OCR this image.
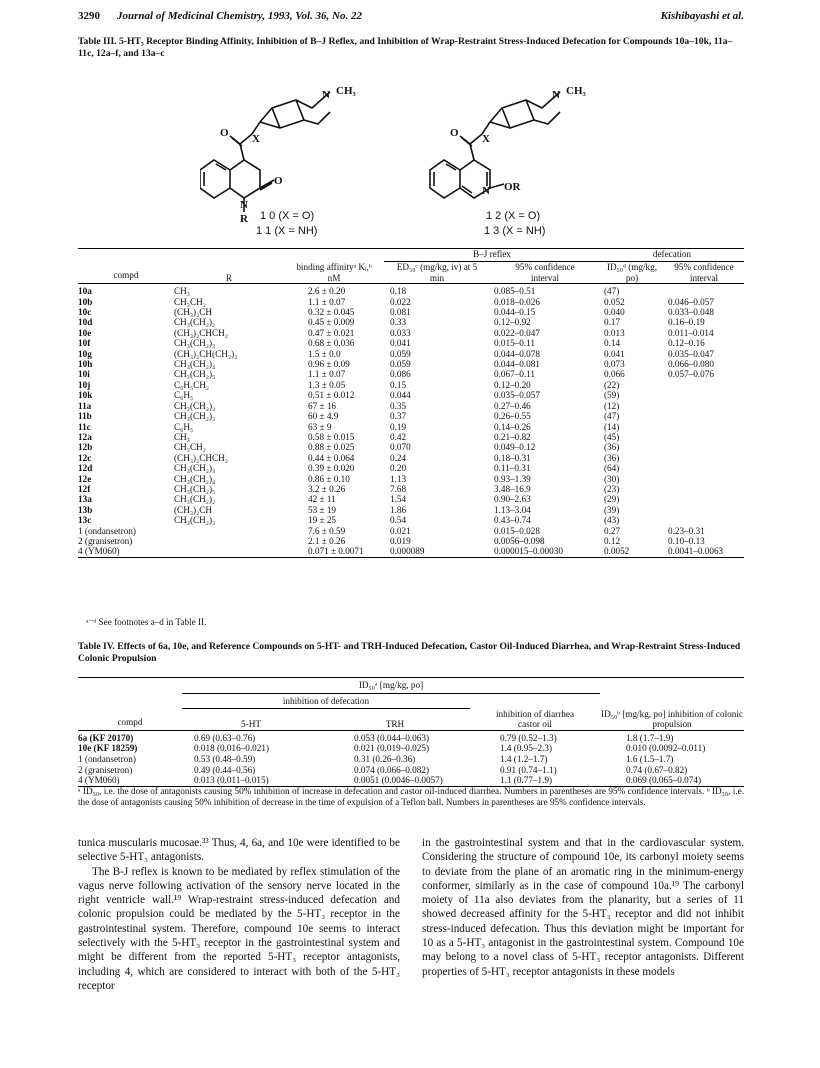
3290 Journal of Medicinal Chemistry, 1993, Vol. 36, No. 22	Kishibayashi et al.
Table III. 5-HT₃ Receptor Binding Affinity, Inhibition of B–J Reflex, and Inhibition of Wrap-Restraint Stress-Induced Defecation for Compounds 10a–10k, 11a–11c, 12a–f, and 13a–c
CH₃
N
X
O
N
O
R
CH₃
N
X
O
N OR
1 0 (X = O)
1 1 (X = NH)
1 2 (X = O)
1 3 (X = NH)
			B–J reflex		defecation	
compd	R	binding affinityᵃ Kᵢ,ᵇ nM	ED₅₀ᶜ (mg/kg, iv) at 5 min	95% confidence interval	ID₅₀ᵈ (mg/kg, po)	95% confidence interval
10a	CH₃	2.6 ± 0.20	0.18	0.085–0.51	(47)	
10b	CH₃CH₂	1.1 ± 0.07	0.022	0.018–0.026	0.052	0.046–0.057
10c	(CH₃)₂CH	0.32 ± 0.045	0.081	0.044–0.15	0.040	0.033–0.048
10d	CH₃(CH₂)₂	0.45 ± 0.009	0.33	0.12–0.92	0.17	0.16–0.19
10e	(CH₃)₂CHCH₂	0.47 ± 0.021	0.033	0.022–0.047	0.013	0.011–0.014
10f	CH₃(CH₂)₃	0.68 ± 0.036	0.041	0.015–0.11	0.14	0.12–0.16
10g	(CH₃)₂CH(CH₂)₂	1.5 ± 0.0	0.059	0.044–0.078	0.041	0.035–0.047
10h	CH₃(CH₂)₄	0.96 ± 0.09	0.059	0.044–0.081	0.073	0.066–0.080
10i	CH₃(CH₂)₅	1.1 ± 0.07	0.086	0.067–0.11	0.066	0.057–0.076
10j	C₆H₅CH₂	1.3 ± 0.05	0.15	0.12–0.20	(22)	
10k	C₆H₅	0.51 ± 0.012	0.044	0.035–0.057	(59)	
11a	CH₃(CH₂)₂	67 ± 16	0.35	0.27–0.46	(12)	
11b	CH₃(CH₂)₃	60 ± 4.9	0.37	0.26–0.55	(47)	
11c	C₆H₅	63 ± 9	0.19	0.14–0.26	(14)	
12a	CH₃	0.58 ± 0.015	0.42	0.21–0.82	(45)	
12b	CH₃CH₂	0.88 ± 0.025	0.070	0.049–0.12	(36)	
12c	(CH₃)₂CHCH₂	0.44 ± 0.064	0.24	0.18–0.31	(36)	
12d	CH₃(CH₂)₃	0.39 ± 0.020	0.20	0.11–0.31	(64)	
12e	CH₃(CH₂)₄	0.86 ± 0.10	1.13	0.93–1.39	(30)	
12f	CH₃(CH₂)₅	3.2 ± 0.26	7.68	3.48–16.9	(23)	
13a	CH₃(CH₂)₂	42 ± 11	1.54	0.90–2.63	(29)	
13b	(CH₃)₂CH	53 ± 19	1.86	1.13–3.04	(39)	
13c	CH₃(CH₂)₃	19 ± 25	0.54	0.43–0.74	(43)	
1 (ondansetron)		7.6 ± 0.59	0.021	0.015–0.028	0.27	0.23–0.31
2 (granisetron)		2.1 ± 0.26	0.019	0.0056–0.098	0.12	0.10–0.13
4 (YM060)		0.071 ± 0.0071	0.000089	0.000015–0.00030	0.0052	0.0041–0.0063
ᵃ⁻ᵈ See footnotes a–d in Table II.
Table IV. Effects of 6a, 10e, and Reference Compounds on 5-HT- and TRH-Induced Defecation, Castor Oil-Induced Diarrhea, and Wrap-Restraint Stress-Induced Colonic Propulsion
	ID₅₀ᵃ [mg/kg, po]			
	inhibition of defecation			
compd	5-HT	TRH	inhibition of diarrhea castor oil	ID₅₀ᵇ [mg/kg, po] inhibition of colonic propulsion
6a (KF 20170)	0.69 (0.63–0.76)	0.053 (0.044–0.063)	0.79 (0.52–1.3)	1.8 (1.7–1.9)
10e (KF 18259)	0.018 (0.016–0.021)	0.021 (0.019–0.025)	1.4 (0.95–2.3)	0.010 (0.0092–0.011)
1 (ondansetron)	0.53 (0.48–0.59)	0.31 (0.26–0.36)	1.4 (1.2–1.7)	1.6 (1.5–1.7)
2 (granisetron)	0.49 (0.44–0.56)	0.074 (0.066–0.082)	0.91 (0.74–1.1)	0.74 (0.67–0.82)
4 (YM060)	0.013 (0.011–0.015)	0.0051 (0.0046–0.0057)	1.1 (0.77–1.9)	0.069 (0.065–0.074)
ᵃ ID₅₀, i.e. the dose of antagonists causing 50% inhibition of increase in defecation and castor oil-induced diarrhea. Numbers in parentheses are 95% confidence intervals. ᵇ ID₅₀, i.e. the dose of antagonists causing 50% inhibition of decrease in the time of expulsion of a Teflon ball. Numbers in parentheses are 95% confidence intervals.
tunica muscularis mucosae.³³ Thus, 4, 6a, and 10e were identified to be selective 5-HT₃ antagonists.
The B-J reflex is known to be mediated by reflex stimulation of the vagus nerve following activation of the sensory nerve located in the right ventricle wall.¹⁹ Wrap-restraint stress-induced defecation and colonic propulsion could be mediated by the 5-HT₃ receptor in the gastrointestinal system. Therefore, compound 10e seems to interact selectively with the 5-HT₃ receptor in the gastrointestinal system and might be different from the reported 5-HT₃ receptor antagonists, including 4, which are considered to interact with both of the 5-HT₃ receptor
in the gastrointestinal system and that in the cardiovascular system. Considering the structure of compound 10e, its carbonyl moiety seems to deviate from the plane of an aromatic ring in the minimum-energy conformer, similarly as in the case of compound 10a.¹⁹ The carbonyl moiety of 11a also deviates from the planarity, but a series of 11 showed decreased affinity for the 5-HT₃ receptor and did not inhibit stress-induced defecation. Thus this deviation might be important for 10 as a 5-HT₃ antagonist in the gastrointestinal system. Compound 10e may belong to a novel class of 5-HT₃ receptor antagonists. Different properties of 5-HT₃ receptor antagonists in these models
